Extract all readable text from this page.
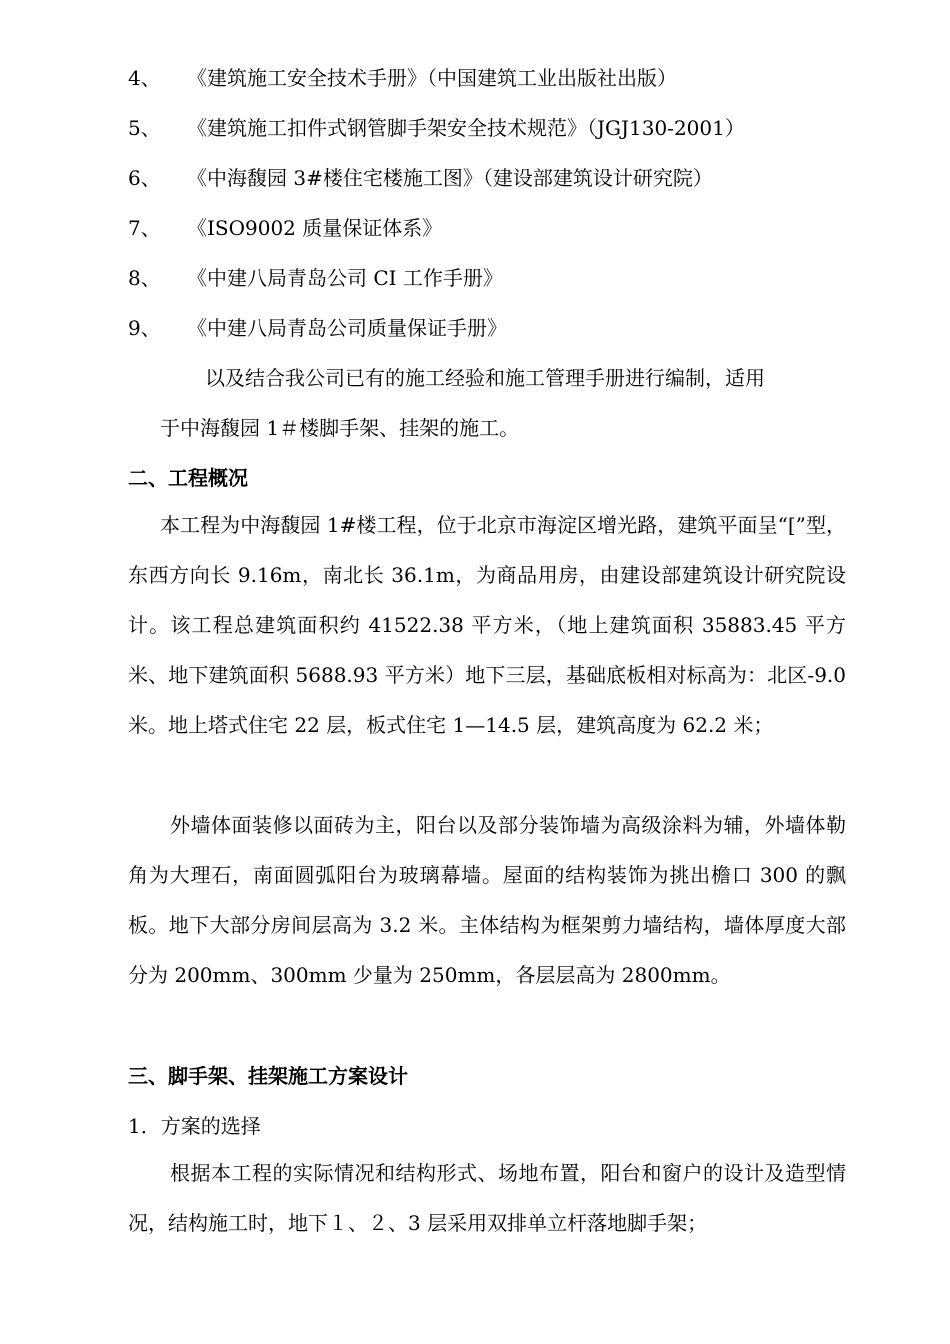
4、 《建筑施工安全技术手册》（中国建筑工业出版社出版）
5、 《建筑施工扣件式钢管脚手架安全技术规范》（JGJ130-2001）
6、 《中海馥园 3#楼住宅楼施工图》（建设部建筑设计研究院）
7、 《ISO9002 质量保证体系》
8、 《中建八局青岛公司 CI 工作手册》
9、 《中建八局青岛公司质量保证手册》
以及结合我公司已有的施工经验和施工管理手册进行编制，适用
于中海馥园 1＃楼脚手架、挂架的施工。
二、工程概况

本工程为中海馥园 1#楼工程，位于北京市海淀区增光路，建筑平面呈“[”型，东西方向长 9.16m，南北长 36.1m，为商品用房，由建设部建筑设计研究院设计。该工程总建筑面积约 41522.38 平方米，（地上建筑面积 35883.45 平方米、地下建筑面积 5688.93 平方米）地下三层，基础底板相对标高为：北区-9.0 米。地上塔式住宅 22 层，板式住宅 1—14.5 层，建筑高度为 62.2 米；

外墙体面装修以面砖为主，阳台以及部分装饰墙为高级涂料为辅，外墙体勒角为大理石，南面圆弧阳台为玻璃幕墙。屋面的结构装饰为挑出檐口 300 的飘板。地下大部分房间层高为 3.2 米。主体结构为框架剪力墙结构，墙体厚度大部分为 200mm、300mm 少量为 250mm，各层层高为 2800mm。

三、脚手架、挂架施工方案设计
1．方案的选择

根据本工程的实际情况和结构形式、场地布置，阳台和窗户的设计及造型情况，结构施工时，地下１、２、3 层采用双排单立杆落地脚手架；
